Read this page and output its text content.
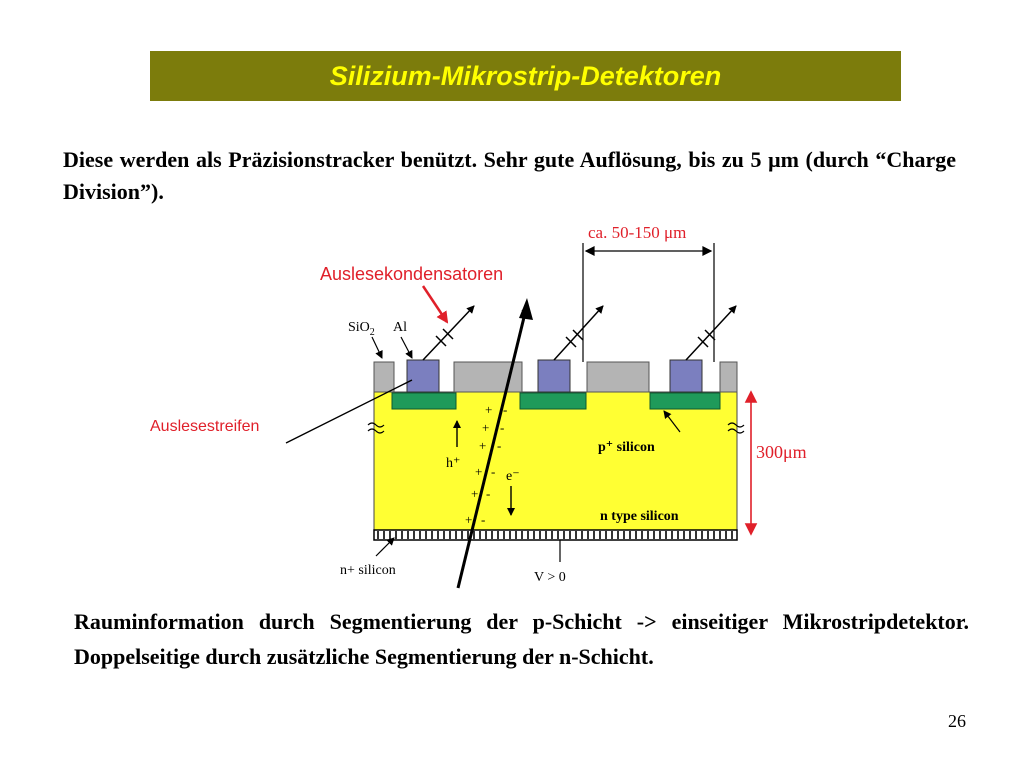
Silizium-Mikrostrip-Detektoren
Diese werden als Präzisionstracker benützt. Sehr gute Auflösung, bis zu 5 μm (durch “Charge Division”).
ca. 50-150 μm
Auslesekondensatoren
SiO$_2$ Al
+ -
+ -
+ -
+ -
+ -
+ -
h⁺
e⁻
p⁺ silicon
n type silicon
n+ silicon	V > 0
300μm
Auslesestreifen
Rauminformation durch Segmentierung der p-Schicht -> einseitiger Mikrostripdetektor. Doppelseitige durch zusätzliche Segmentierung der n-Schicht.
26
